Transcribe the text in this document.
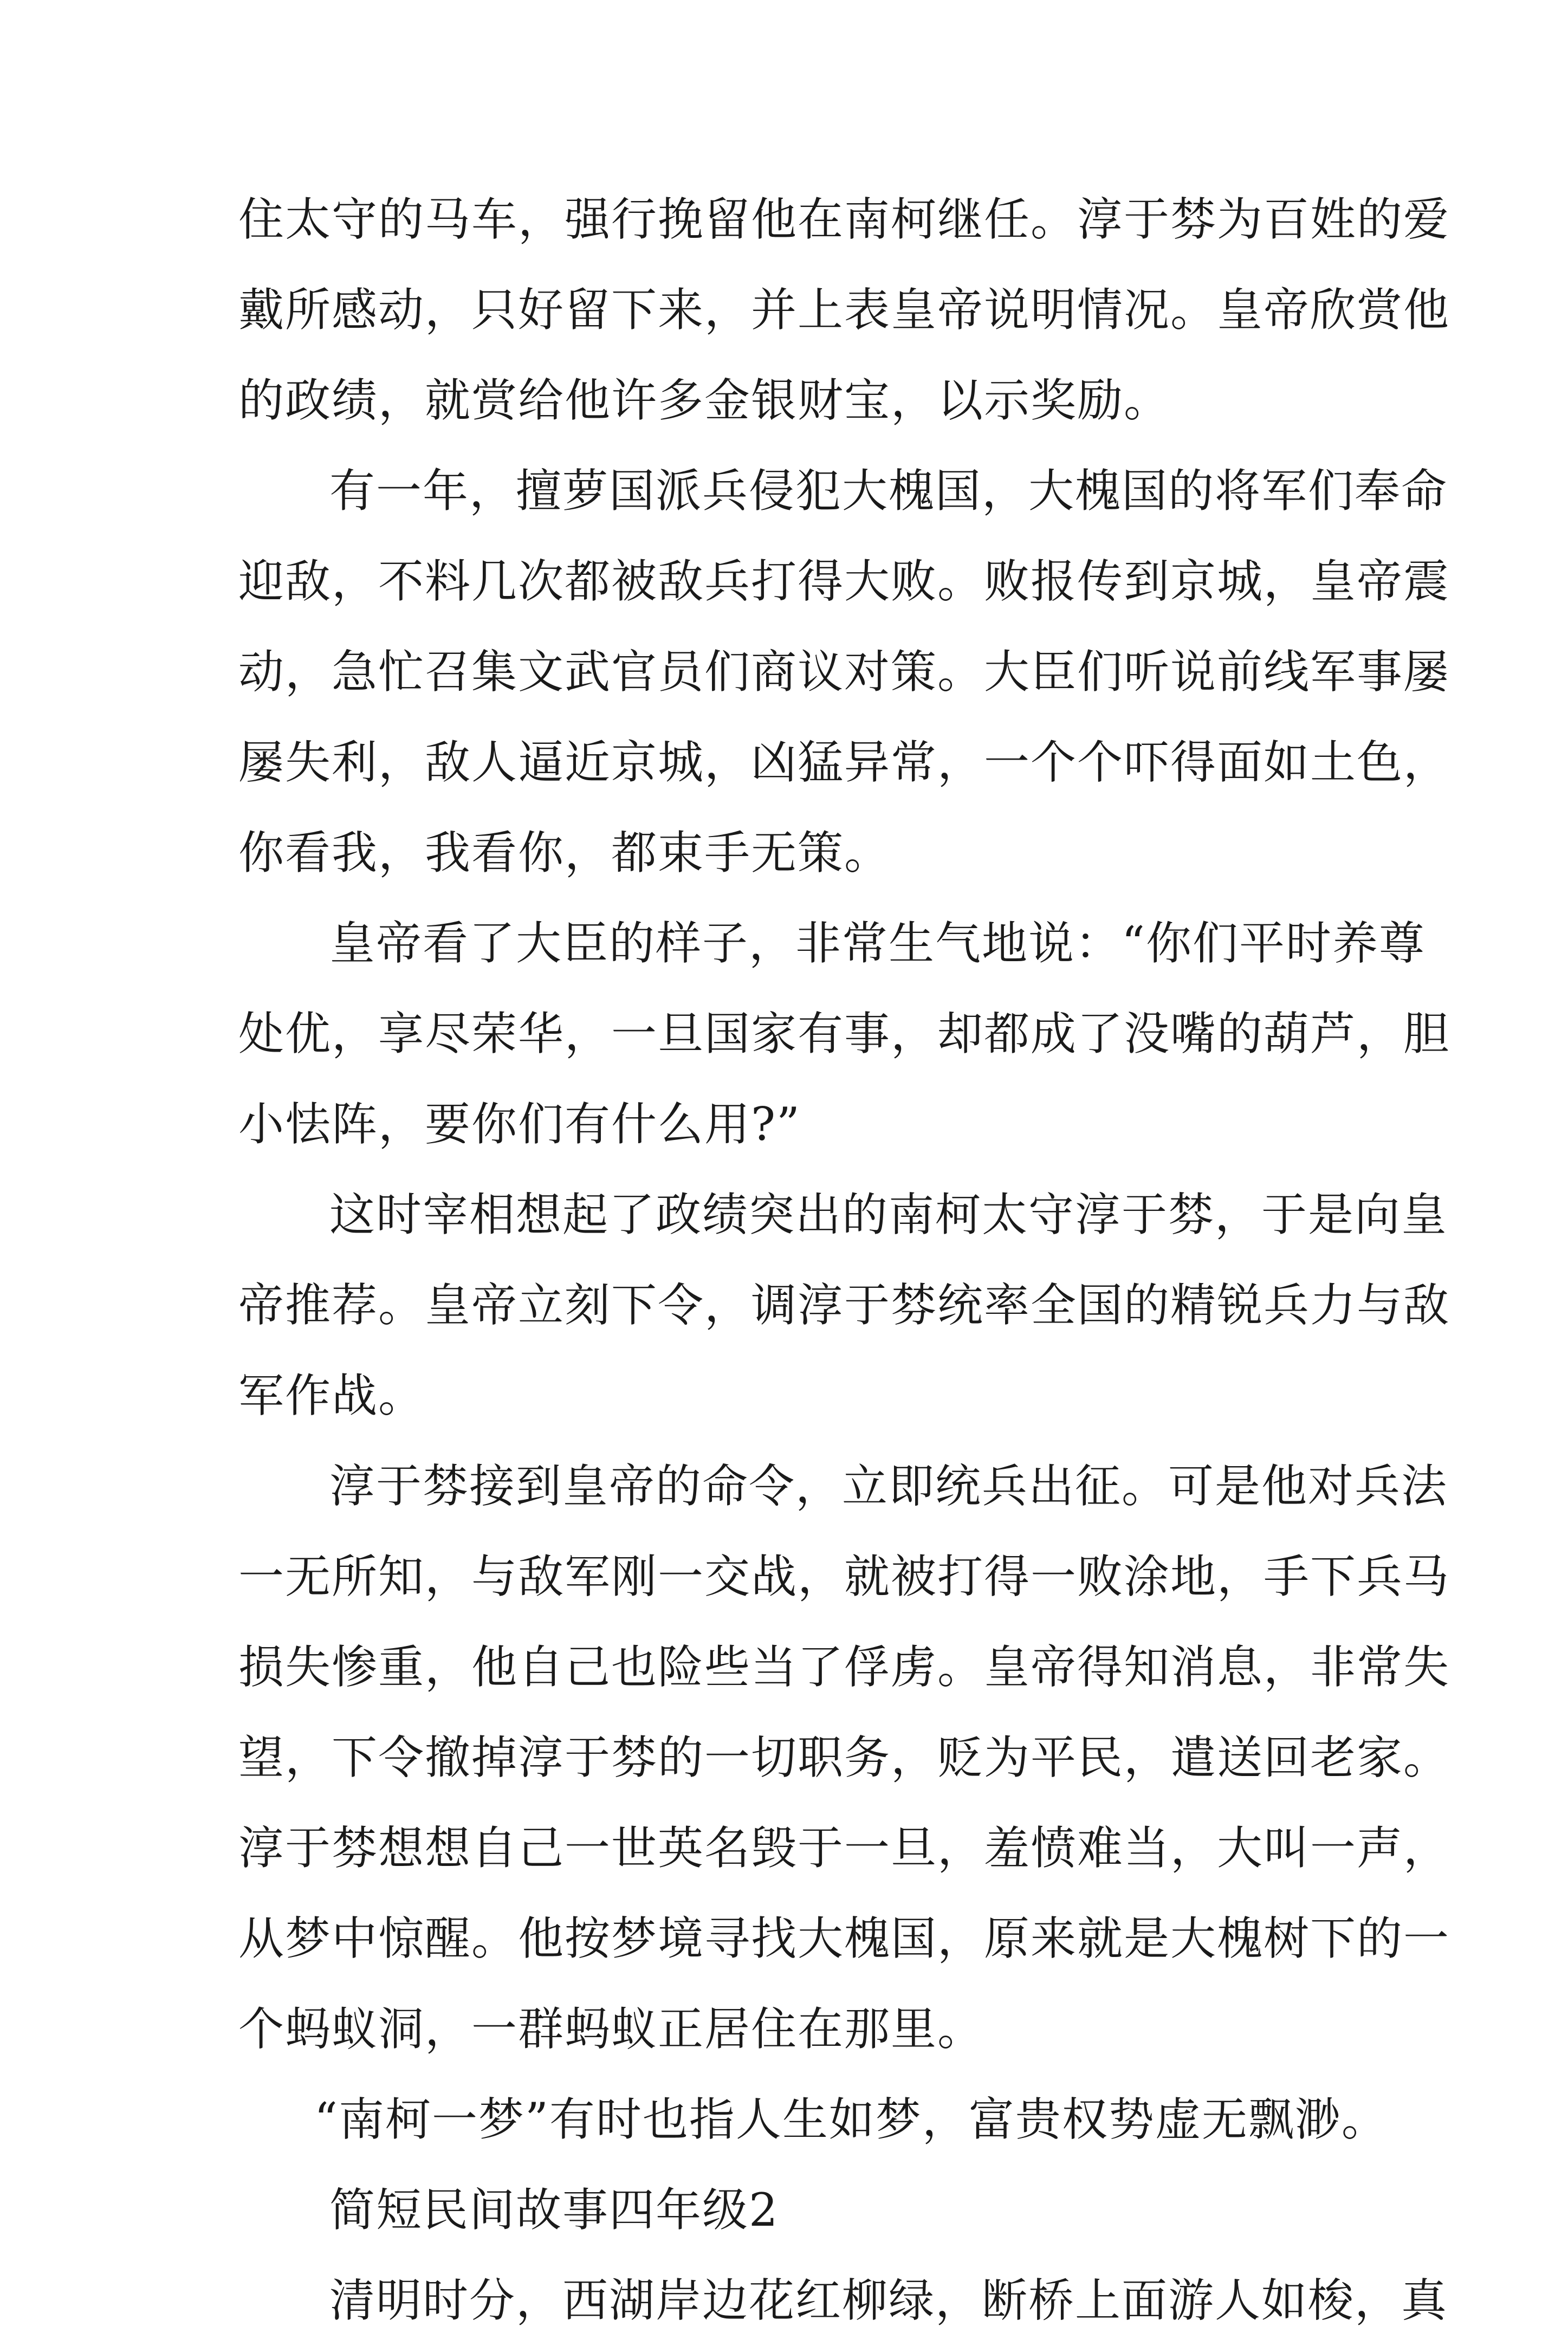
住太守的马车，强行挽留他在南柯继任。淳于棼为百姓的爱
戴所感动，只好留下来，并上表皇帝说明情况。皇帝欣赏他
的政绩，就赏给他许多金银财宝，以示奖励。
有一年，擅萝国派兵侵犯大槐国，大槐国的将军们奉命
迎敌，不料几次都被敌兵打得大败。败报传到京城，皇帝震
动，急忙召集文武官员们商议对策。大臣们听说前线军事屡
屡失利，敌人逼近京城，凶猛异常，一个个吓得面如土色，
你看我，我看你，都束手无策。
皇帝看了大臣的样子，非常生气地说：“你们平时养尊
处优，享尽荣华，一旦国家有事，却都成了没嘴的葫芦，胆
小怯阵，要你们有什么用?”
这时宰相想起了政绩突出的南柯太守淳于棼，于是向皇
帝推荐。皇帝立刻下令，调淳于棼统率全国的精锐兵力与敌
军作战。
淳于棼接到皇帝的命令，立即统兵出征。可是他对兵法
一无所知，与敌军刚一交战，就被打得一败涂地，手下兵马
损失惨重，他自己也险些当了俘虏。皇帝得知消息，非常失
望，下令撤掉淳于棼的一切职务，贬为平民，遣送回老家。
淳于棼想想自己一世英名毁于一旦，羞愤难当，大叫一声，
从梦中惊醒。他按梦境寻找大槐国，原来就是大槐树下的一
个蚂蚁洞，一群蚂蚁正居住在那里。
“南柯一梦”有时也指人生如梦，富贵权势虚无飘渺。
简短民间故事四年级2
清明时分，西湖岸边花红柳绿，断桥上面游人如梭，真
